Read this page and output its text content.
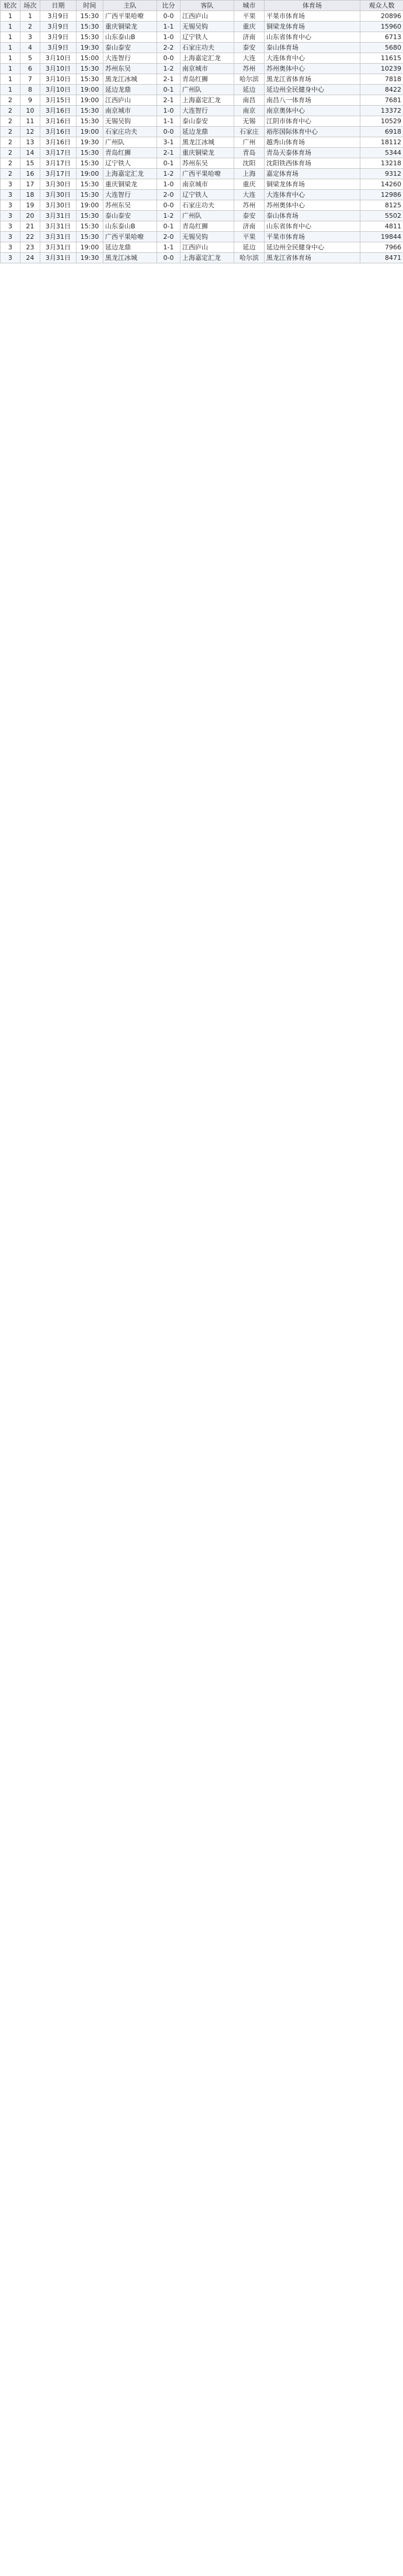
轮次	场次	日期	时间	主队	比分	客队	城市	体育场	观众人数
1	1	3月9日	15:30	广西平果哈嘹	0-0	江西庐山	平果	平果市体育场	20896
1	2	3月9日	15:30	重庆铜梁龙	1-1	无锡吴钩	重庆	铜梁龙体育场	15960
1	3	3月9日	15:30	山东泰山B	1-0	辽宁铁人	济南	山东省体育中心	6713
1	4	3月9日	19:30	泰山泰安	2-2	石家庄功夫	泰安	泰山体育场	5680
1	5	3月10日	15:00	大连智行	0-0	上海嘉定汇龙	大连	大连体育中心	11615
1	6	3月10日	15:30	苏州东吴	1-2	南京城市	苏州	苏州奥体中心	10239
1	7	3月10日	15:30	黑龙江冰城	2-1	青岛红狮	哈尔滨	黑龙江省体育场	7818
1	8	3月10日	19:00	延边龙鼎	0-1	广州队	延边	延边州全民健身中心	8422
2	9	3月15日	19:00	江西庐山	2-1	上海嘉定汇龙	南昌	南昌八一体育场	7681
2	10	3月16日	15:30	南京城市	1-0	大连智行	南京	南京奥体中心	13372
2	11	3月16日	15:30	无锡吴钩	1-1	泰山泰安	无锡	江阴市体育中心	10529
2	12	3月16日	19:00	石家庄功夫	0-0	延边龙鼎	石家庄	裕彤国际体育中心	6918
2	13	3月16日	19:30	广州队	3-1	黑龙江冰城	广州	越秀山体育场	18112
2	14	3月17日	15:30	青岛红狮	2-1	重庆铜梁龙	青岛	青岛天泰体育场	5344
2	15	3月17日	15:30	辽宁铁人	0-1	苏州东吴	沈阳	沈阳铁西体育场	13218
2	16	3月17日	19:00	上海嘉定汇龙	1-2	广西平果哈嘹	上海	嘉定体育场	9312
3	17	3月30日	15:30	重庆铜梁龙	1-0	南京城市	重庆	铜梁龙体育场	14260
3	18	3月30日	15:30	大连智行	2-0	辽宁铁人	大连	大连体育中心	12986
3	19	3月30日	19:00	苏州东吴	0-0	石家庄功夫	苏州	苏州奥体中心	8125
3	20	3月31日	15:30	泰山泰安	1-2	广州队	泰安	泰山体育场	5502
3	21	3月31日	15:30	山东泰山B	0-1	青岛红狮	济南	山东省体育中心	4811
3	22	3月31日	15:30	广西平果哈嘹	2-0	无锡吴钩	平果	平果市体育场	19844
3	23	3月31日	19:00	延边龙鼎	1-1	江西庐山	延边	延边州全民健身中心	7966
3	24	3月31日	19:30	黑龙江冰城	0-0	上海嘉定汇龙	哈尔滨	黑龙江省体育场	8471
